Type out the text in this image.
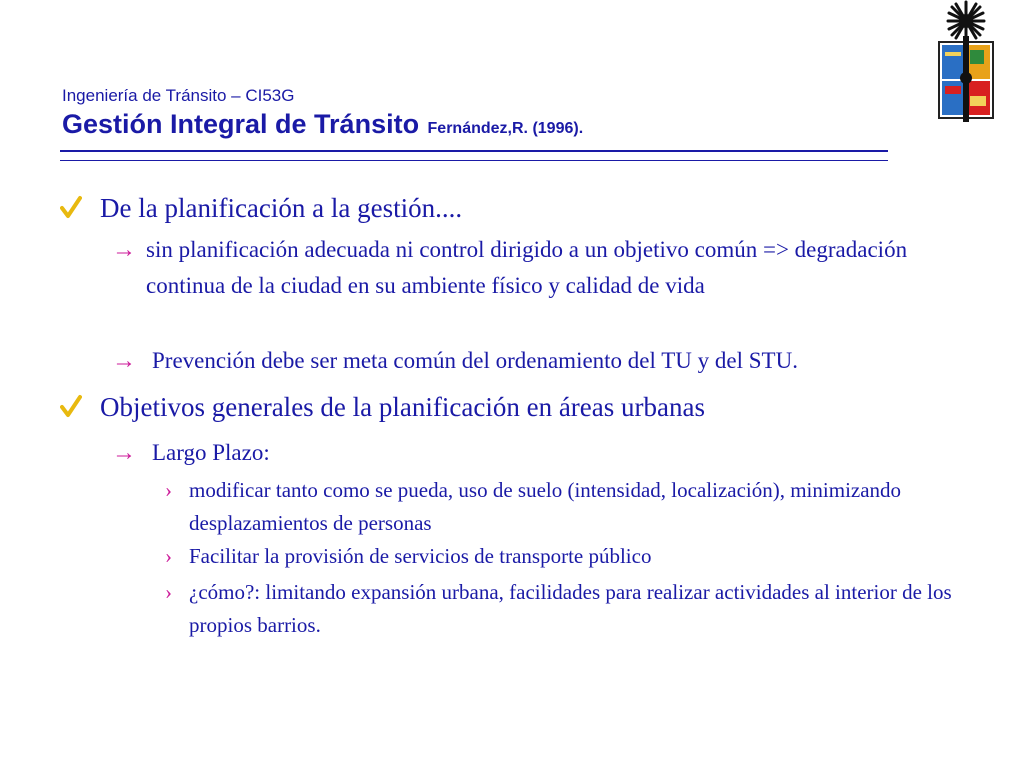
Ingeniería de Tránsito – CI53G
Gestión Integral de Tránsito Fernández,R. (1996).
De la planificación a la gestión....
→ sin planificación adecuada ni control dirigido a un objetivo común => degradación continua de la ciudad en su ambiente físico y calidad de vida
→ Prevención debe ser meta común del ordenamiento del TU y del STU.
Objetivos generales de la planificación en áreas urbanas
→ Largo Plazo:
› modificar tanto como se pueda, uso de suelo (intensidad, localización), minimizando desplazamientos de personas
› Facilitar la provisión de servicios de transporte público
› ¿cómo?: limitando expansión urbana, facilidades para realizar actividades al interior de los propios barrios.
